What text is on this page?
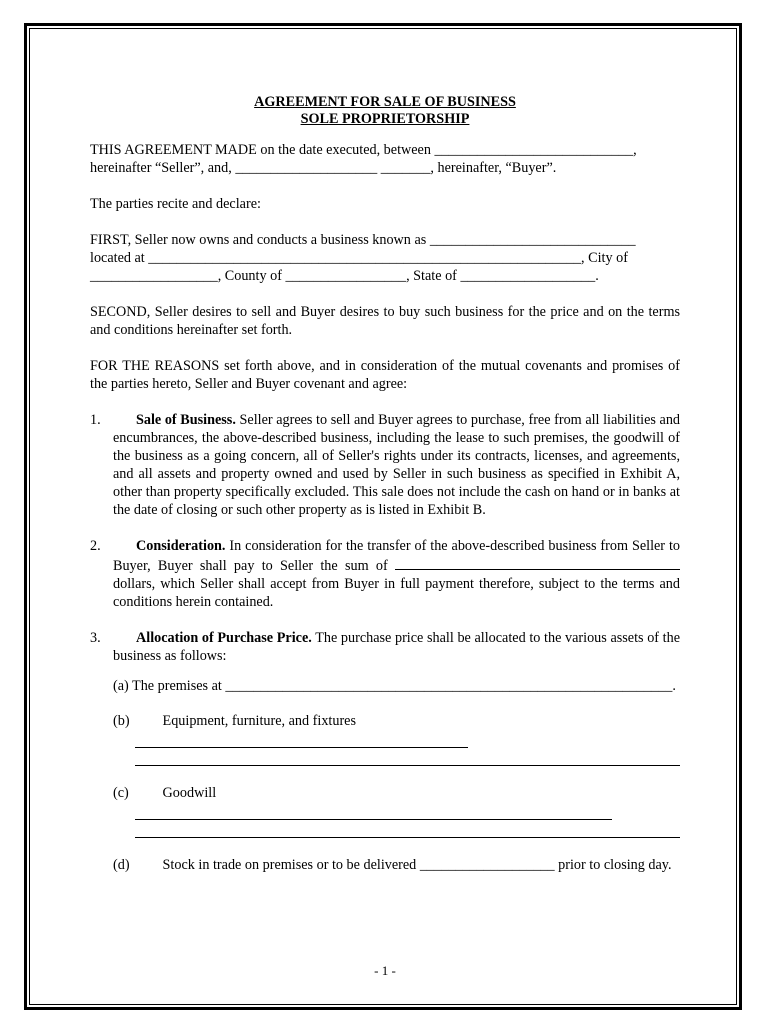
AGREEMENT FOR SALE OF BUSINESS
SOLE PROPRIETORSHIP

THIS AGREEMENT MADE on the date executed, between ____________________________,
hereinafter “Seller”, and, ____________________ _______, hereinafter, “Buyer”.

The parties recite and declare:

FIRST, Seller now owns and conducts a business known as _____________________________
located at _____________________________________________________________, City of
__________________, County of _________________, State of ___________________.

SECOND, Seller desires to sell and Buyer desires to buy such business for the price and on the terms and conditions hereinafter set forth.

FOR THE REASONS set forth above, and in consideration of the mutual covenants and promises of the parties hereto, Seller and Buyer covenant and agree:

1. Sale of Business. Seller agrees to sell and Buyer agrees to purchase, free from all liabilities and encumbrances, the above-described business, including the lease to such premises, the goodwill of the business as a going concern, all of Seller's rights under its contracts, licenses, and agreements, and all assets and property owned and used by Seller in such business as specified in Exhibit A, other than property specifically excluded. This sale does not include the cash on hand or in banks at the date of closing or such other property as is listed in Exhibit B.
2. Consideration. In consideration for the transfer of the above-described business from Seller to Buyer, Buyer shall pay to Seller the sum of  dollars, which Seller shall accept from Buyer in full payment therefore, subject to the terms and conditions herein contained.
3. Allocation of Purchase Price. The purchase price shall be allocated to the various assets of the business as follows:
(a) The premises at _______________________________________________________________.
(b) Equipment, furniture, and fixtures
(c) Goodwill
(d) Stock in trade on premises or to be delivered ___________________ prior to closing day.
- 1 -
